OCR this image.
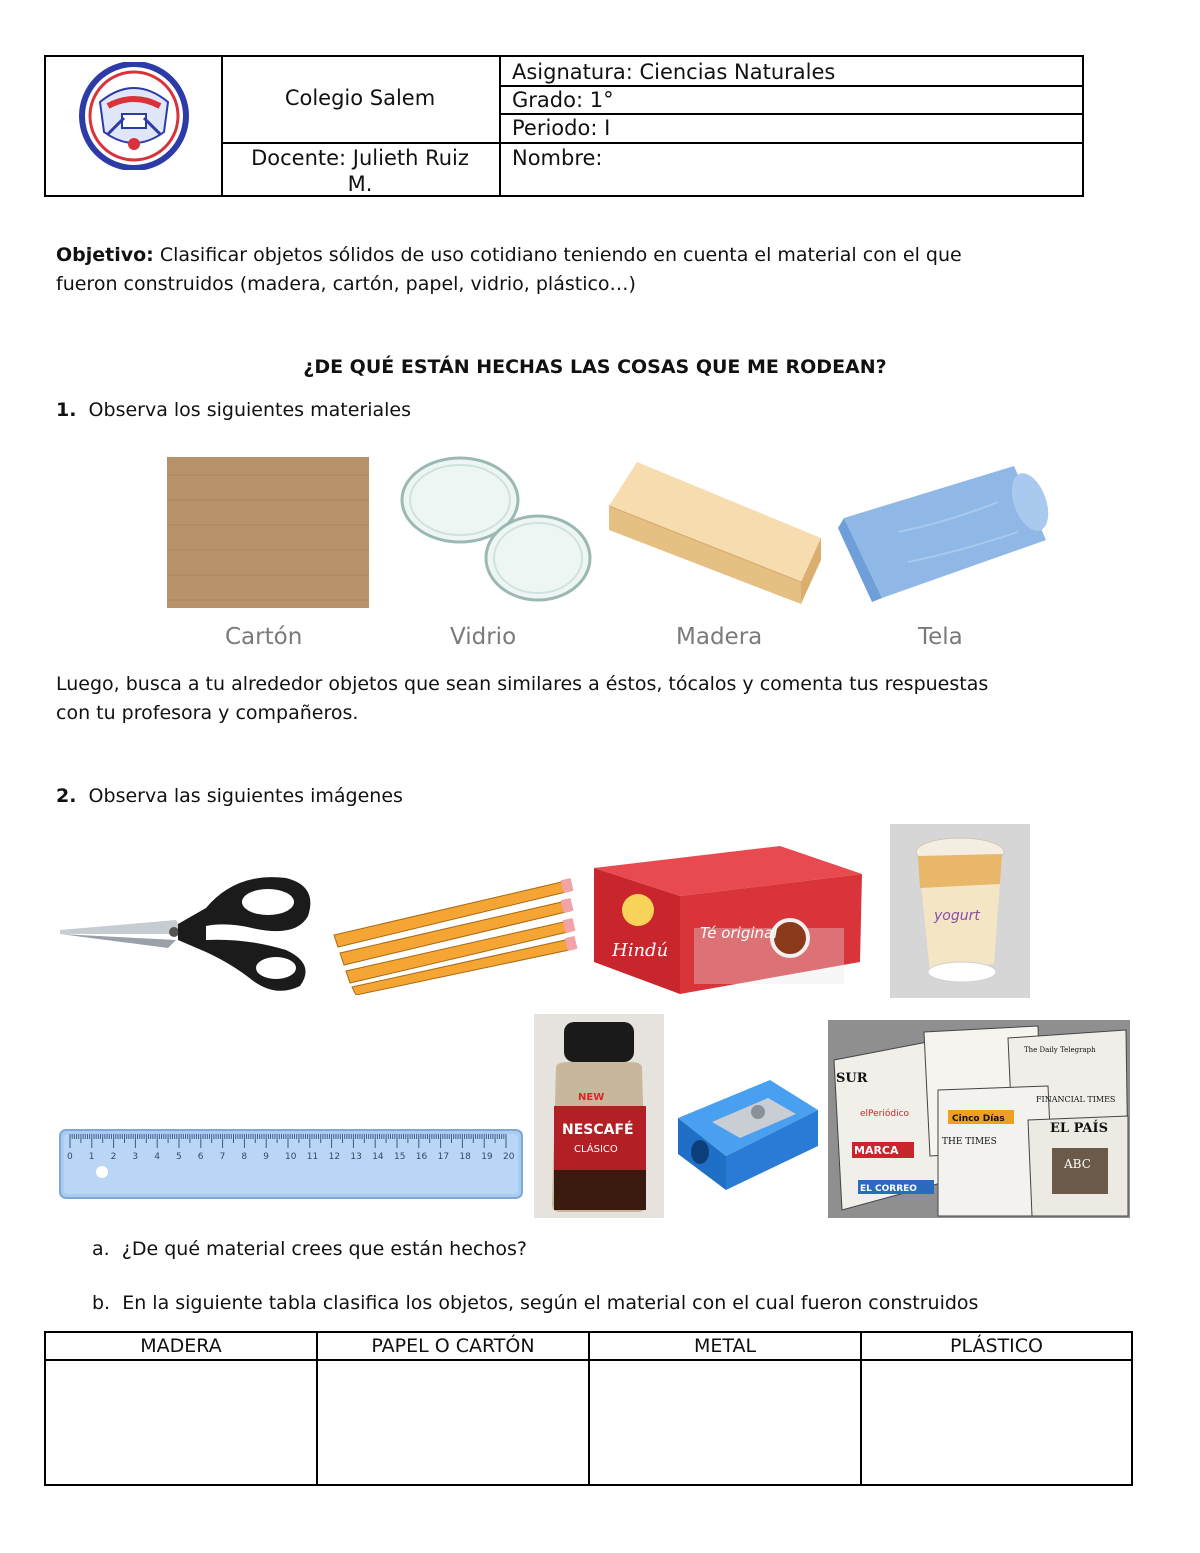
Colegio Salem
Asignatura: Ciencias Naturales
Grado: 1°
Periodo: I
Docente: Julieth Ruiz
M.
Nombre:
Objetivo: Clasificar objetos sólidos de uso cotidiano teniendo en cuenta el material con el que
fueron construidos (madera, cartón, papel, vidrio, plástico…)
¿DE QUÉ ESTÁN HECHAS LAS COSAS QUE ME RODEAN?
1. Observa los siguientes materiales
Cartón	Vidrio	Madera	Tela
Luego, busca a tu alrededor objetos que sean similares a éstos, tócalos y comenta tus respuestas
con tu profesora y compañeros.
2. Observa las siguientes imágenes
Hindú
Té original
yogurt
0 1 2 3 4 5 6 7 8 9 10 11 12 13 14 15 16 17 18 19 20
NESCAFÉ
CLÁSICO
NEW
SUR
Cinco Días
EL PAÍS
MARCA
EL CORREO
ABC
FINANCIAL TIMES
The Daily Telegraph
THE TIMES
elPeriódico
a. ¿De qué material crees que están hechos?
b. En la siguiente tabla clasifica los objetos, según el material con el cual fueron construidos
MADERA	PAPEL O CARTÓN	METAL	PLÁSTICO
